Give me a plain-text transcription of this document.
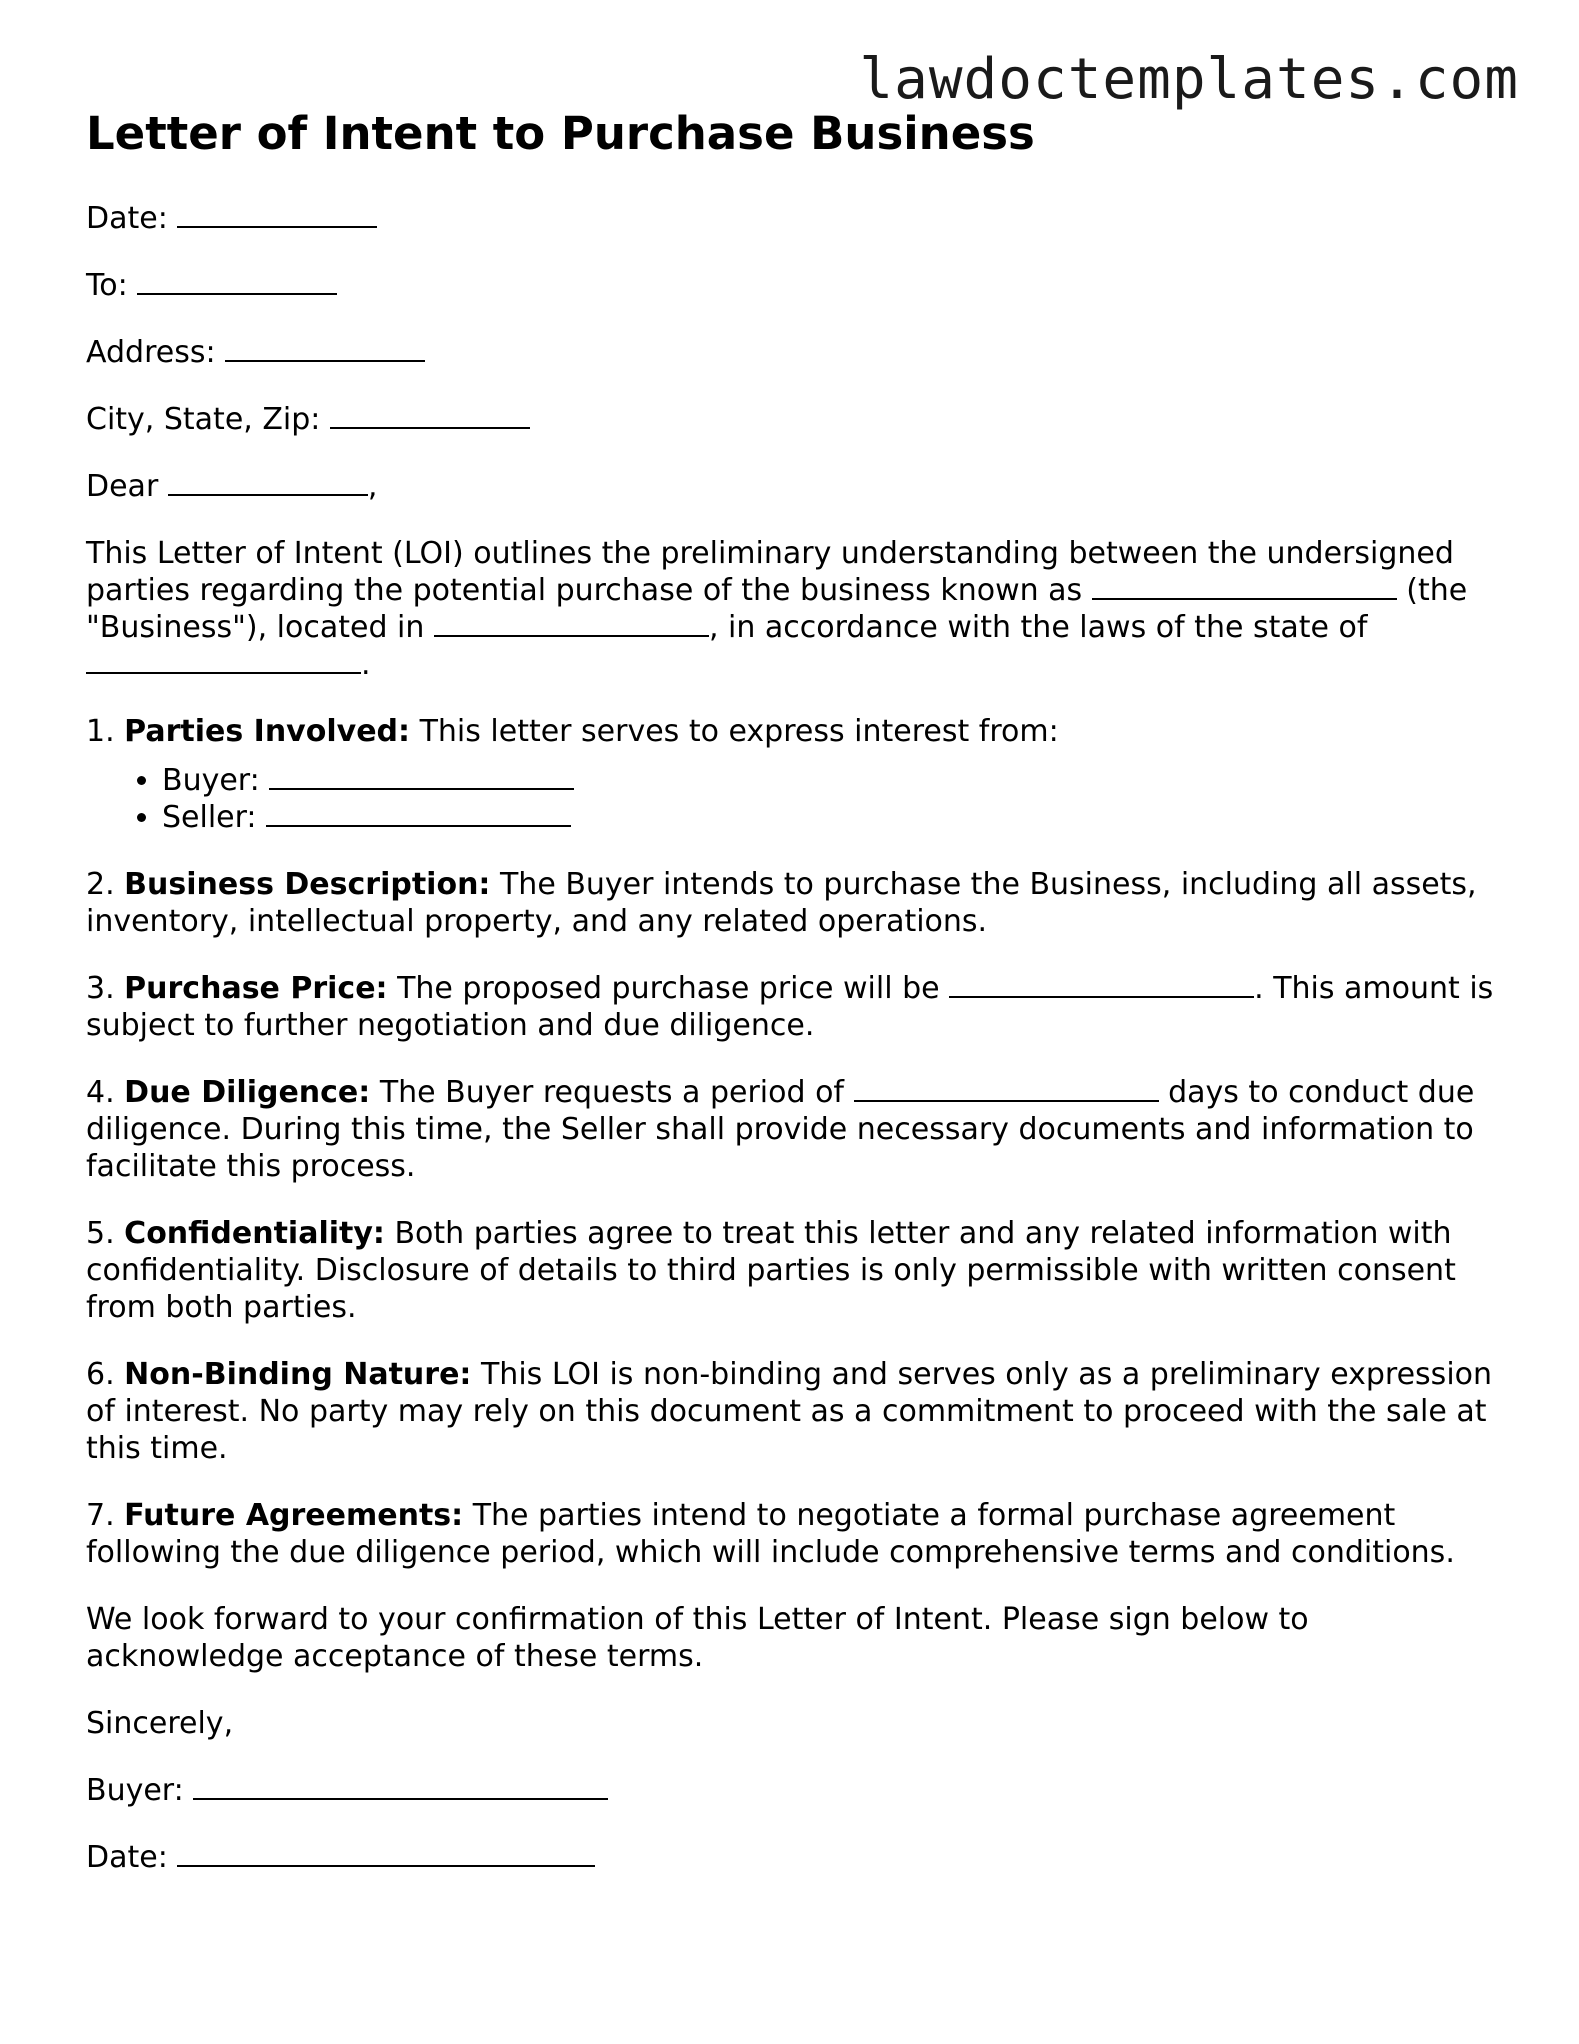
lawdoctemplates.com
Letter of Intent to Purchase Business

Date:

To:

Address:

City, State, Zip:

Dear	,

This Letter of Intent (LOI) outlines the preliminary understanding between the undersigned parties regarding the potential purchase of the business known as	(the "Business"), located in	, in accordance with the laws of the state of .

1. Parties Involved: This letter serves to express interest from:

• Buyer:
• Seller:

2. Business Description: The Buyer intends to purchase the Business, including all assets, inventory, intellectual property, and any related operations.

3. Purchase Price: The proposed purchase price will be	. This amount is subject to further negotiation and due diligence.

4. Due Diligence: The Buyer requests a period of	days to conduct due diligence. During this time, the Seller shall provide necessary documents and information to facilitate this process.

5. Confidentiality: Both parties agree to treat this letter and any related information with confidentiality. Disclosure of details to third parties is only permissible with written consent from both parties.

6. Non-Binding Nature: This LOI is non-binding and serves only as a preliminary expression of interest. No party may rely on this document as a commitment to proceed with the sale at this time.

7. Future Agreements: The parties intend to negotiate a formal purchase agreement following the due diligence period, which will include comprehensive terms and conditions.

We look forward to your confirmation of this Letter of Intent. Please sign below to acknowledge acceptance of these terms.

Sincerely,

Buyer:

Date:
